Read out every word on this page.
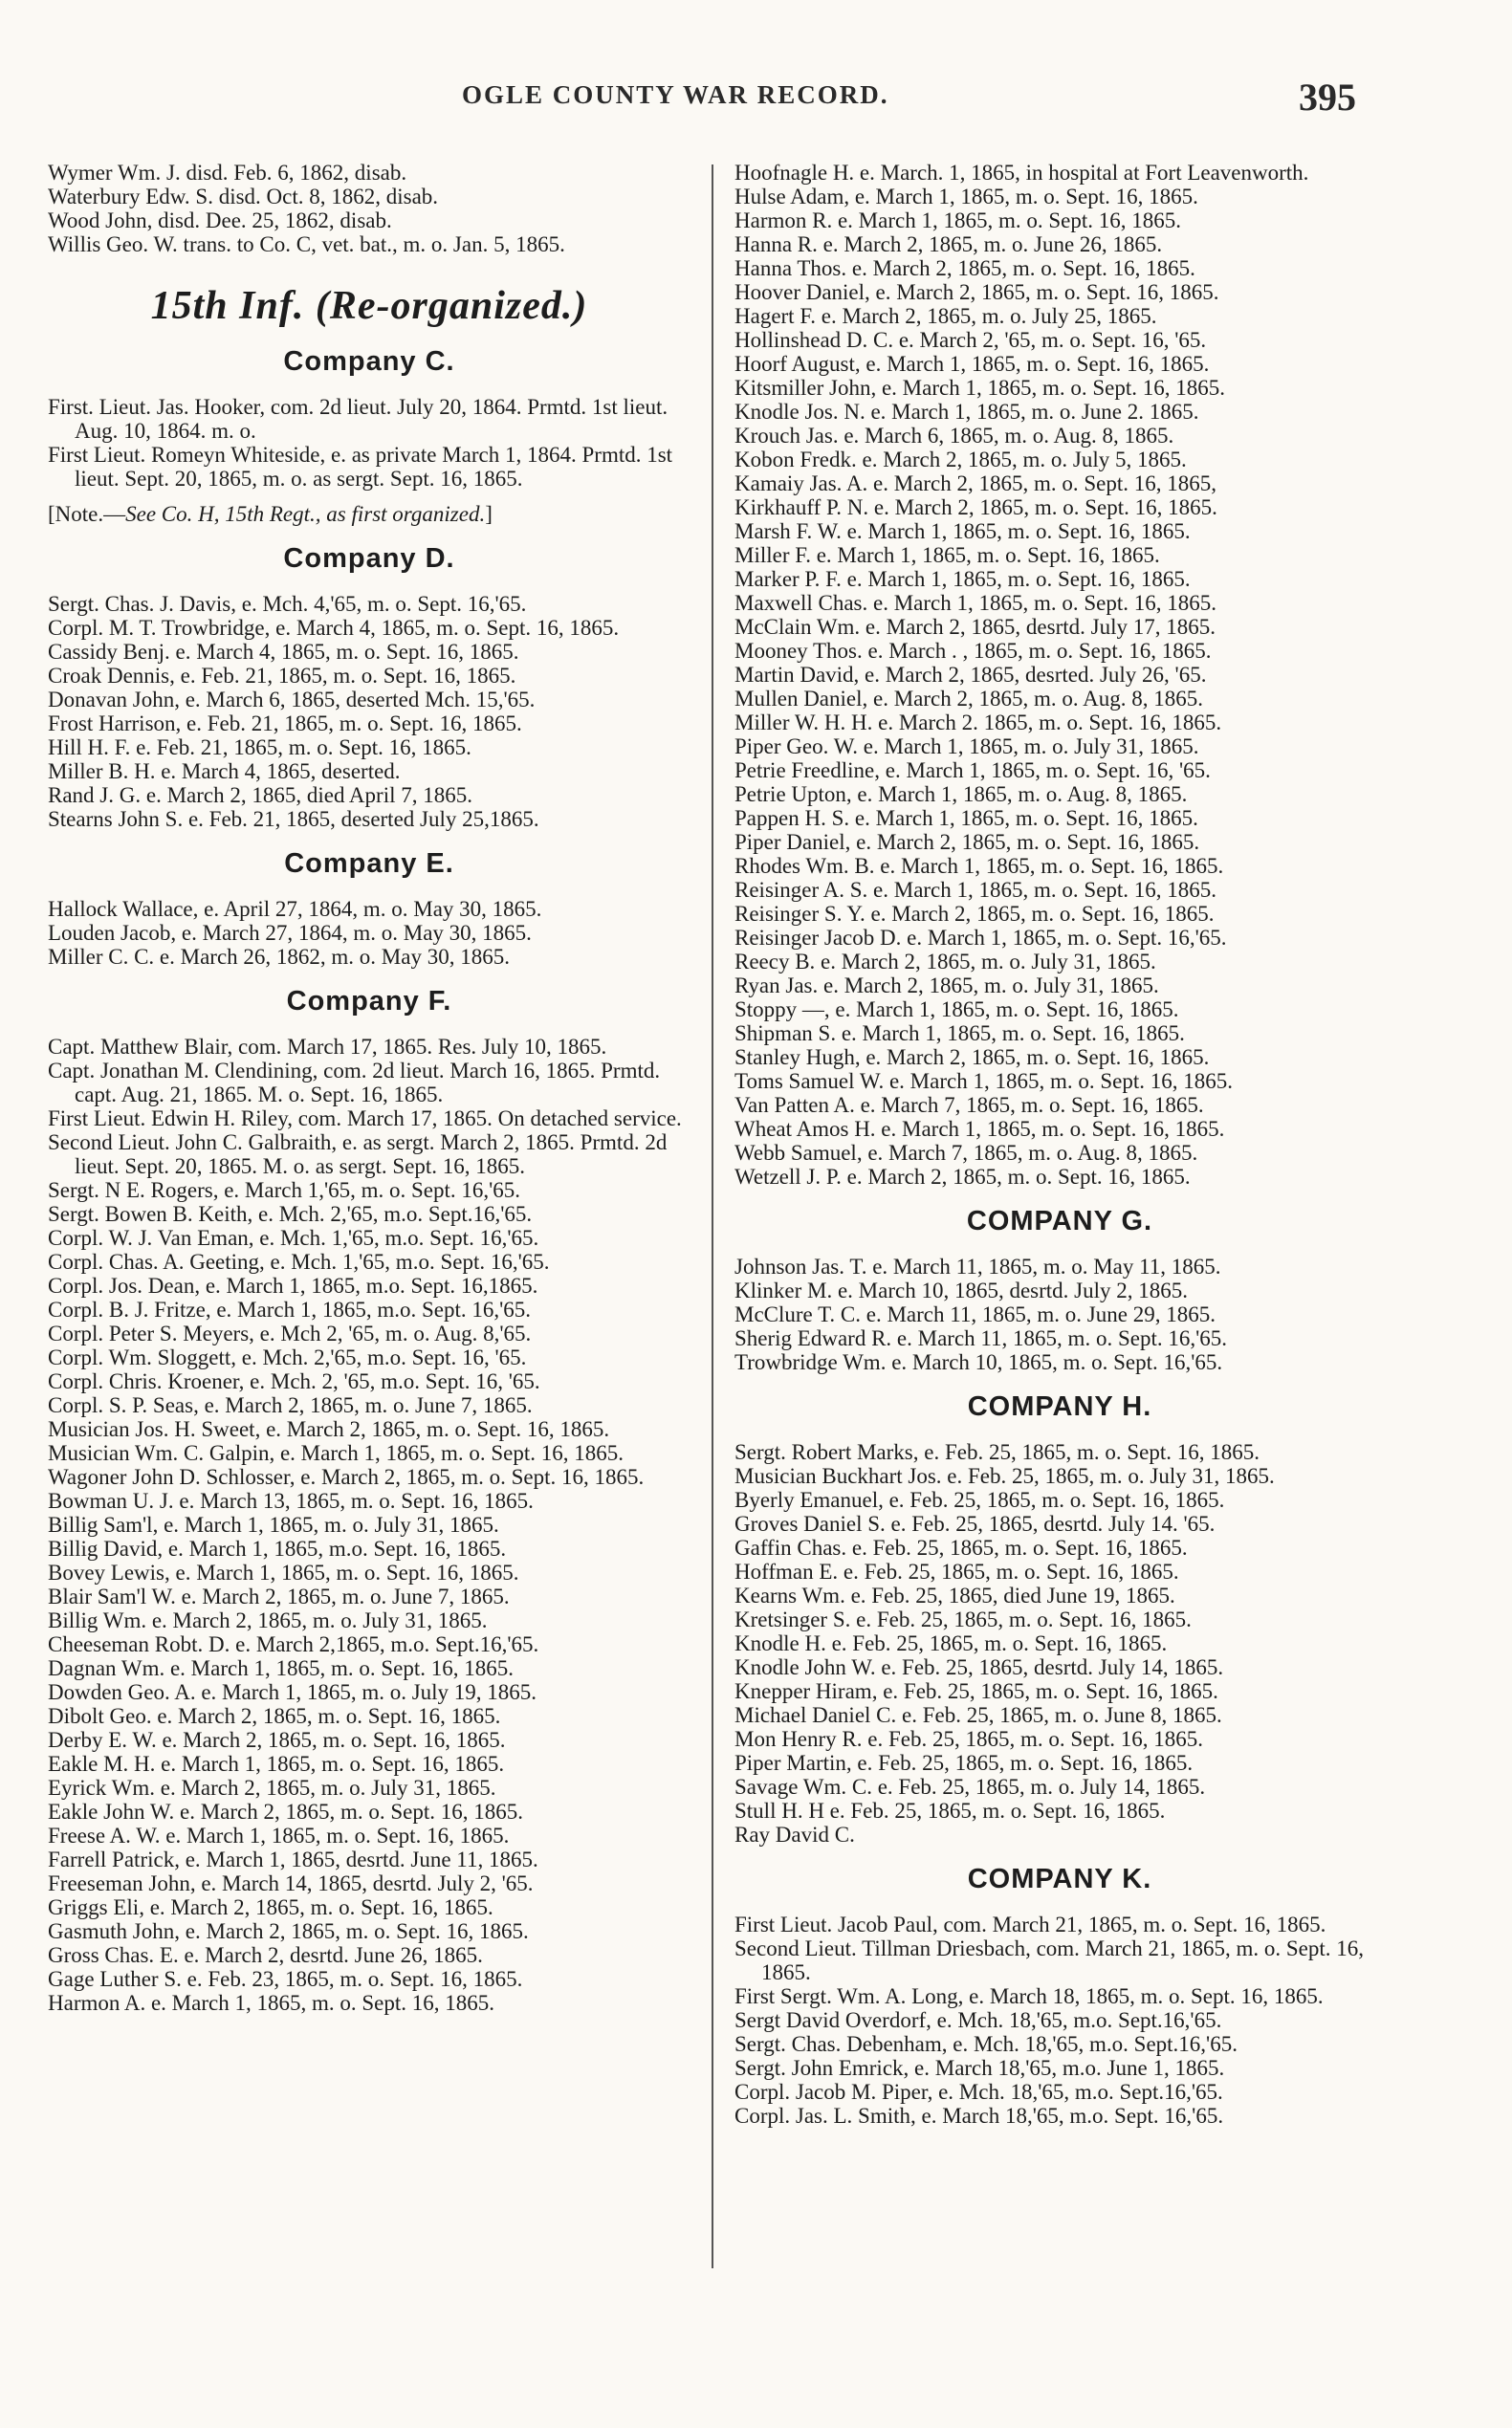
OGLE COUNTY WAR RECORD.	395

Wymer Wm. J. disd. Feb. 6, 1862, disab.

Waterbury Edw. S. disd. Oct. 8, 1862, disab.

Wood John, disd. Dee. 25, 1862, disab.

Willis Geo. W. trans. to Co. C, vet. bat., m. o. Jan. 5, 1865.

15th Inf. (Re-organized.)
Company C.

First. Lieut. Jas. Hooker, com. 2d lieut. July 20, 1864. Prmtd. 1st lieut. Aug. 10, 1864. m. o.

First Lieut. Romeyn Whiteside, e. as private March 1, 1864. Prmtd. 1st lieut. Sept. 20, 1865, m. o. as sergt. Sept. 16, 1865.

[Note.—See Co. H, 15th Regt., as first organized.]
Company D.

Sergt. Chas. J. Davis, e. Mch. 4,'65, m. o. Sept. 16,'65.

Corpl. M. T. Trowbridge, e. March 4, 1865, m. o. Sept. 16, 1865.

Cassidy Benj. e. March 4, 1865, m. o. Sept. 16, 1865.

Croak Dennis, e. Feb. 21, 1865, m. o. Sept. 16, 1865.

Donavan John, e. March 6, 1865, deserted Mch. 15,'65.

Frost Harrison, e. Feb. 21, 1865, m. o. Sept. 16, 1865.

Hill H. F. e. Feb. 21, 1865, m. o. Sept. 16, 1865.

Miller B. H. e. March 4, 1865, deserted.

Rand J. G. e. March 2, 1865, died April 7, 1865.

Stearns John S. e. Feb. 21, 1865, deserted July 25,1865.

Company E.

Hallock Wallace, e. April 27, 1864, m. o. May 30, 1865.

Louden Jacob, e. March 27, 1864, m. o. May 30, 1865.

Miller C. C. e. March 26, 1862, m. o. May 30, 1865.

Company F.

Capt. Matthew Blair, com. March 17, 1865. Res. July 10, 1865.

Capt. Jonathan M. Clendining, com. 2d lieut. March 16, 1865. Prmtd. capt. Aug. 21, 1865. M. o. Sept. 16, 1865.

First Lieut. Edwin H. Riley, com. March 17, 1865. On detached service.

Second Lieut. John C. Galbraith, e. as sergt. March 2, 1865. Prmtd. 2d lieut. Sept. 20, 1865. M. o. as sergt. Sept. 16, 1865.

Sergt. N E. Rogers, e. March 1,'65, m. o. Sept. 16,'65.

Sergt. Bowen B. Keith, e. Mch. 2,'65, m.o. Sept.16,'65.

Corpl. W. J. Van Eman, e. Mch. 1,'65, m.o. Sept. 16,'65.

Corpl. Chas. A. Geeting, e. Mch. 1,'65, m.o. Sept. 16,'65.

Corpl. Jos. Dean, e. March 1, 1865, m.o. Sept. 16,1865.

Corpl. B. J. Fritze, e. March 1, 1865, m.o. Sept. 16,'65.

Corpl. Peter S. Meyers, e. Mch 2, '65, m. o. Aug. 8,'65.

Corpl. Wm. Sloggett, e. Mch. 2,'65, m.o. Sept. 16, '65.

Corpl. Chris. Kroener, e. Mch. 2, '65, m.o. Sept. 16, '65.

Corpl. S. P. Seas, e. March 2, 1865, m. o. June 7, 1865.

Musician Jos. H. Sweet, e. March 2, 1865, m. o. Sept. 16, 1865.

Musician Wm. C. Galpin, e. March 1, 1865, m. o. Sept. 16, 1865.

Wagoner John D. Schlosser, e. March 2, 1865, m. o. Sept. 16, 1865.

Bowman U. J. e. March 13, 1865, m. o. Sept. 16, 1865.

Billig Sam'l, e. March 1, 1865, m. o. July 31, 1865.

Billig David, e. March 1, 1865, m.o. Sept. 16, 1865.

Bovey Lewis, e. March 1, 1865, m. o. Sept. 16, 1865.

Blair Sam'l W. e. March 2, 1865, m. o. June 7, 1865.

Billig Wm. e. March 2, 1865, m. o. July 31, 1865.

Cheeseman Robt. D. e. March 2,1865, m.o. Sept.16,'65.

Dagnan Wm. e. March 1, 1865, m. o. Sept. 16, 1865.

Dowden Geo. A. e. March 1, 1865, m. o. July 19, 1865.

Dibolt Geo. e. March 2, 1865, m. o. Sept. 16, 1865.

Derby E. W. e. March 2, 1865, m. o. Sept. 16, 1865.

Eakle M. H. e. March 1, 1865, m. o. Sept. 16, 1865.

Eyrick Wm. e. March 2, 1865, m. o. July 31, 1865.

Eakle John W. e. March 2, 1865, m. o. Sept. 16, 1865.

Freese A. W. e. March 1, 1865, m. o. Sept. 16, 1865.

Farrell Patrick, e. March 1, 1865, desrtd. June 11, 1865.

Freeseman John, e. March 14, 1865, desrtd. July 2, '65.

Griggs Eli, e. March 2, 1865, m. o. Sept. 16, 1865.

Gasmuth John, e. March 2, 1865, m. o. Sept. 16, 1865.

Gross Chas. E. e. March 2, desrtd. June 26, 1865.

Gage Luther S. e. Feb. 23, 1865, m. o. Sept. 16, 1865.

Harmon A. e. March 1, 1865, m. o. Sept. 16, 1865.

Hoofnagle H. e. March. 1, 1865, in hospital at Fort Leavenworth.

Hulse Adam, e. March 1, 1865, m. o. Sept. 16, 1865.

Harmon R. e. March 1, 1865, m. o. Sept. 16, 1865.

Hanna R. e. March 2, 1865, m. o. June 26, 1865.

Hanna Thos. e. March 2, 1865, m. o. Sept. 16, 1865.

Hoover Daniel, e. March 2, 1865, m. o. Sept. 16, 1865.

Hagert F. e. March 2, 1865, m. o. July 25, 1865.

Hollinshead D. C. e. March 2, '65, m. o. Sept. 16, '65.

Hoorf August, e. March 1, 1865, m. o. Sept. 16, 1865.

Kitsmiller John, e. March 1, 1865, m. o. Sept. 16, 1865.

Knodle Jos. N. e. March 1, 1865, m. o. June 2. 1865.

Krouch Jas. e. March 6, 1865, m. o. Aug. 8, 1865.

Kobon Fredk. e. March 2, 1865, m. o. July 5, 1865.

Kamaiy Jas. A. e. March 2, 1865, m. o. Sept. 16, 1865,

Kirkhauff P. N. e. March 2, 1865, m. o. Sept. 16, 1865.

Marsh F. W. e. March 1, 1865, m. o. Sept. 16, 1865.

Miller F. e. March 1, 1865, m. o. Sept. 16, 1865.

Marker P. F. e. March 1, 1865, m. o. Sept. 16, 1865.

Maxwell Chas. e. March 1, 1865, m. o. Sept. 16, 1865.

McClain Wm. e. March 2, 1865, desrtd. July 17, 1865.

Mooney Thos. e. March . , 1865, m. o. Sept. 16, 1865.

Martin David, e. March 2, 1865, desrted. July 26, '65.

Mullen Daniel, e. March 2, 1865, m. o. Aug. 8, 1865.

Miller W. H. H. e. March 2. 1865, m. o. Sept. 16, 1865.

Piper Geo. W. e. March 1, 1865, m. o. July 31, 1865.

Petrie Freedline, e. March 1, 1865, m. o. Sept. 16, '65.

Petrie Upton, e. March 1, 1865, m. o. Aug. 8, 1865.

Pappen H. S. e. March 1, 1865, m. o. Sept. 16, 1865.

Piper Daniel, e. March 2, 1865, m. o. Sept. 16, 1865.

Rhodes Wm. B. e. March 1, 1865, m. o. Sept. 16, 1865.

Reisinger A. S. e. March 1, 1865, m. o. Sept. 16, 1865.

Reisinger S. Y. e. March 2, 1865, m. o. Sept. 16, 1865.

Reisinger Jacob D. e. March 1, 1865, m. o. Sept. 16,'65.

Reecy B. e. March 2, 1865, m. o. July 31, 1865.

Ryan Jas. e. March 2, 1865, m. o. July 31, 1865.

Stoppy —, e. March 1, 1865, m. o. Sept. 16, 1865.

Shipman S. e. March 1, 1865, m. o. Sept. 16, 1865.

Stanley Hugh, e. March 2, 1865, m. o. Sept. 16, 1865.

Toms Samuel W. e. March 1, 1865, m. o. Sept. 16, 1865.

Van Patten A. e. March 7, 1865, m. o. Sept. 16, 1865.

Wheat Amos H. e. March 1, 1865, m. o. Sept. 16, 1865.

Webb Samuel, e. March 7, 1865, m. o. Aug. 8, 1865.

Wetzell J. P. e. March 2, 1865, m. o. Sept. 16, 1865.

COMPANY G.

Johnson Jas. T. e. March 11, 1865, m. o. May 11, 1865.

Klinker M. e. March 10, 1865, desrtd. July 2, 1865.

McClure T. C. e. March 11, 1865, m. o. June 29, 1865.

Sherig Edward R. e. March 11, 1865, m. o. Sept. 16,'65.

Trowbridge Wm. e. March 10, 1865, m. o. Sept. 16,'65.

COMPANY H.

Sergt. Robert Marks, e. Feb. 25, 1865, m. o. Sept. 16, 1865.

Musician Buckhart Jos. e. Feb. 25, 1865, m. o. July 31, 1865.

Byerly Emanuel, e. Feb. 25, 1865, m. o. Sept. 16, 1865.

Groves Daniel S. e. Feb. 25, 1865, desrtd. July 14. '65.

Gaffin Chas. e. Feb. 25, 1865, m. o. Sept. 16, 1865.

Hoffman E. e. Feb. 25, 1865, m. o. Sept. 16, 1865.

Kearns Wm. e. Feb. 25, 1865, died June 19, 1865.

Kretsinger S. e. Feb. 25, 1865, m. o. Sept. 16, 1865.

Knodle H. e. Feb. 25, 1865, m. o. Sept. 16, 1865.

Knodle John W. e. Feb. 25, 1865, desrtd. July 14, 1865.

Knepper Hiram, e. Feb. 25, 1865, m. o. Sept. 16, 1865.

Michael Daniel C. e. Feb. 25, 1865, m. o. June 8, 1865.

Mon Henry R. e. Feb. 25, 1865, m. o. Sept. 16, 1865.

Piper Martin, e. Feb. 25, 1865, m. o. Sept. 16, 1865.

Savage Wm. C. e. Feb. 25, 1865, m. o. July 14, 1865.

Stull H. H e. Feb. 25, 1865, m. o. Sept. 16, 1865.

Ray David C.

COMPANY K.

First Lieut. Jacob Paul, com. March 21, 1865, m. o. Sept. 16, 1865.

Second Lieut. Tillman Driesbach, com. March 21, 1865, m. o. Sept. 16, 1865.

First Sergt. Wm. A. Long, e. March 18, 1865, m. o. Sept. 16, 1865.

Sergt David Overdorf, e. Mch. 18,'65, m.o. Sept.16,'65.

Sergt. Chas. Debenham, e. Mch. 18,'65, m.o. Sept.16,'65.

Sergt. John Emrick, e. March 18,'65, m.o. June 1, 1865.

Corpl. Jacob M. Piper, e. Mch. 18,'65, m.o. Sept.16,'65.

Corpl. Jas. L. Smith, e. March 18,'65, m.o. Sept. 16,'65.
